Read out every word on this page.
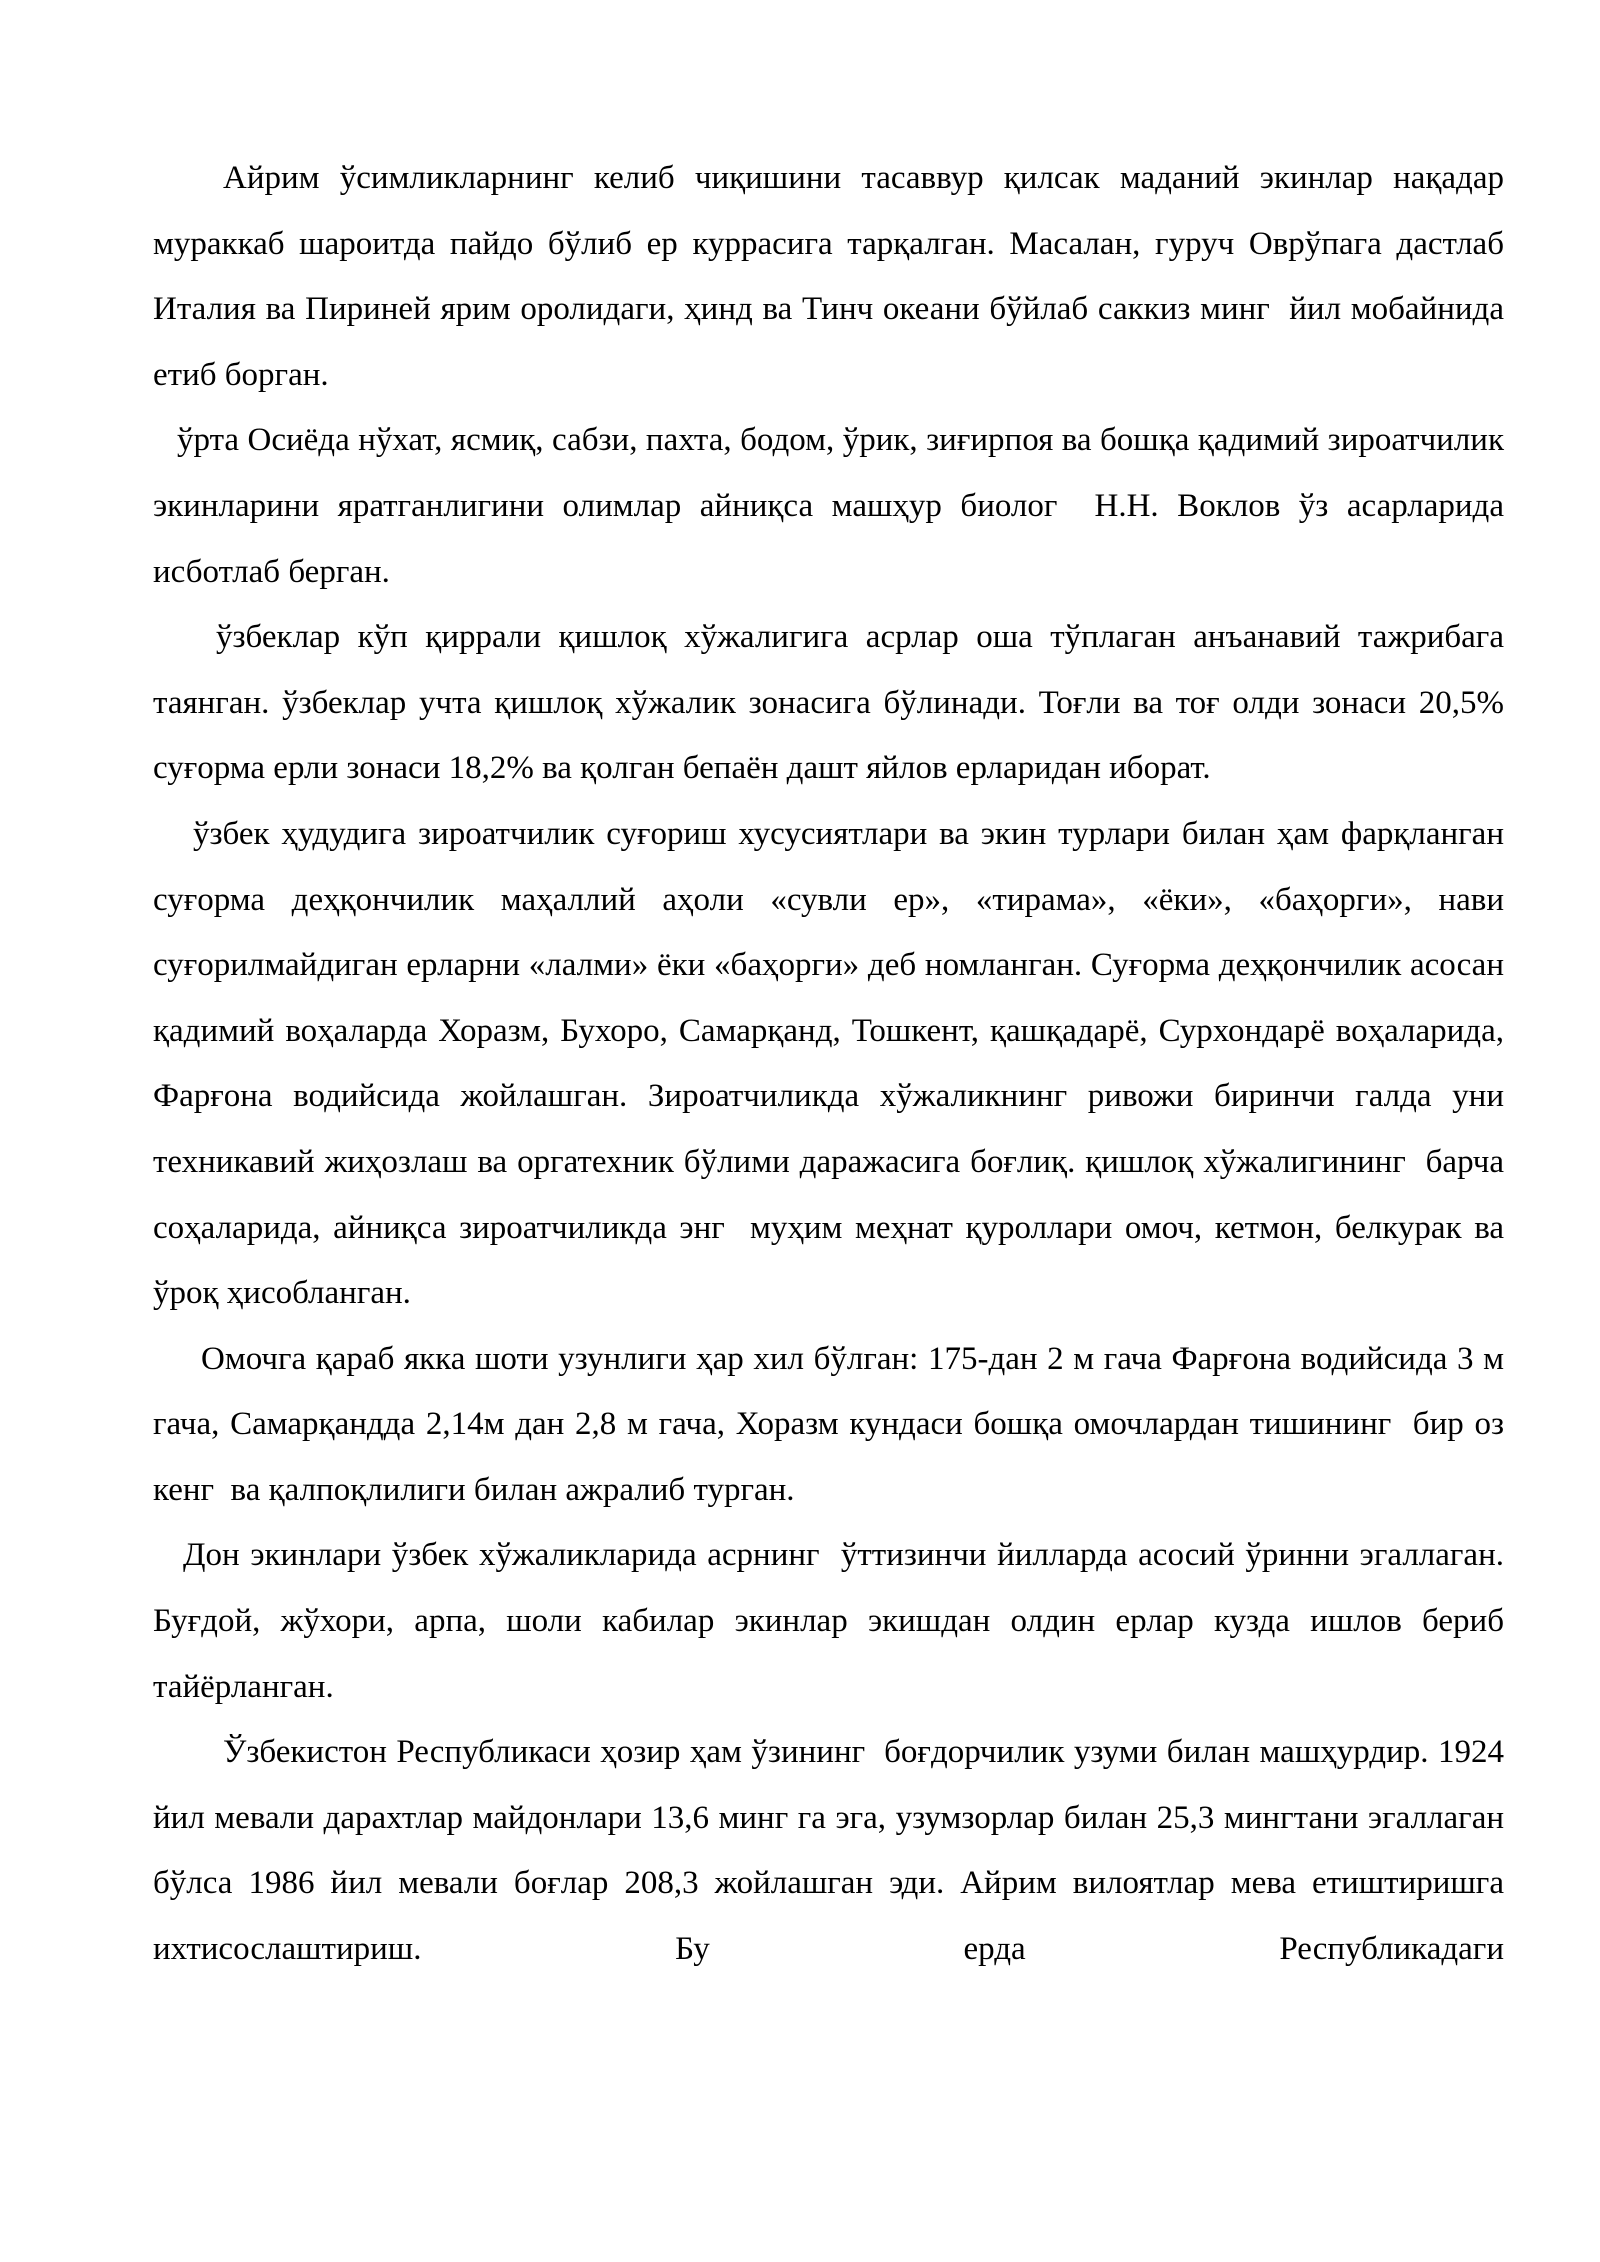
Айрим ўсимликларнинг келиб чиқишини тасаввур қилсак маданий экинлар нақадар мураккаб шароитда пайдо бўлиб ер куррасига тарқалган. Масалан, гуруч Оврўпага дастлаб Италия ва Пириней ярим оролидаги, ҳинд ва Тинч океани бўйлаб саккиз минг  йил мобайнида етиб борган.

ўрта Осиёда нўхат, ясмиқ, сабзи, пахта, бодом, ўрик, зиғирпоя ва бошқа қадимий зироатчилик экинларини яратганлигини олимлар айниқса машҳур биолог  Н.Н. Воклов ўз асарларида исботлаб берган.

ўзбеклар кўп қиррали қишлоқ хўжалигига асрлар оша тўплаган анъанавий тажрибага таянган. ўзбеклар учта қишлоқ хўжалик зонасига бўлинади. Тоғли ва тоғ олди зонаси 20,5% суғорма ерли зонаси 18,2% ва қолган бепаён дашт яйлов ерларидан иборат.

ўзбек ҳудудига зироатчилик суғориш хусусиятлари ва экин турлари билан ҳам фарқланган суғорма деҳқончилик маҳаллий аҳоли «сувли ер», «тирама», «ёки», «баҳорги», нави суғорилмайдиган ерларни «лалми» ёки «баҳорги» деб номланган. Суғорма деҳқончилик асосан қадимий воҳаларда Хоразм, Бухоро, Самарқанд, Тошкент, қашқадарё, Сурхондарё воҳаларида, Фарғона водийсида жойлашган. Зироатчиликда хўжаликнинг ривожи биринчи галда уни техникавий жиҳозлаш ва оргатехник бўлими даражасига боғлиқ. қишлоқ хўжалигининг  барча соҳаларида, айниқса зироатчиликда энг  муҳим меҳнат қуроллари омоч, кетмон, белкурак ва ўроқ ҳисобланган.

Омочга қараб якка шоти узунлиги ҳар хил бўлган: 175-дан 2 м гача Фарғона водийсида 3 м гача, Самарқандда 2,14м дан 2,8 м гача, Хоразм кундаси бошқа омочлардан тишининг  бир оз кенг  ва қалпоқлилиги билан ажралиб турган.

Дон экинлари ўзбек хўжаликларида асрнинг  ўттизинчи йилларда асосий ўринни эгаллаган. Буғдой, жўхори, арпа, шоли кабилар экинлар экишдан олдин ерлар кузда ишлов бериб тайёрланган.

Ўзбекистон Республикаси ҳозир ҳам ўзининг  боғдорчилик узуми билан машҳурдир. 1924 йил мевали дарахтлар майдонлари 13,6 минг га эга, узумзорлар билан 25,3 мингтани эгаллаган бўлса 1986 йил мевали боғлар 208,3 жойлашган эди. Айрим вилоятлар мева етиштиришга ихтисослаштириш. Бу ерда Республикадаги
